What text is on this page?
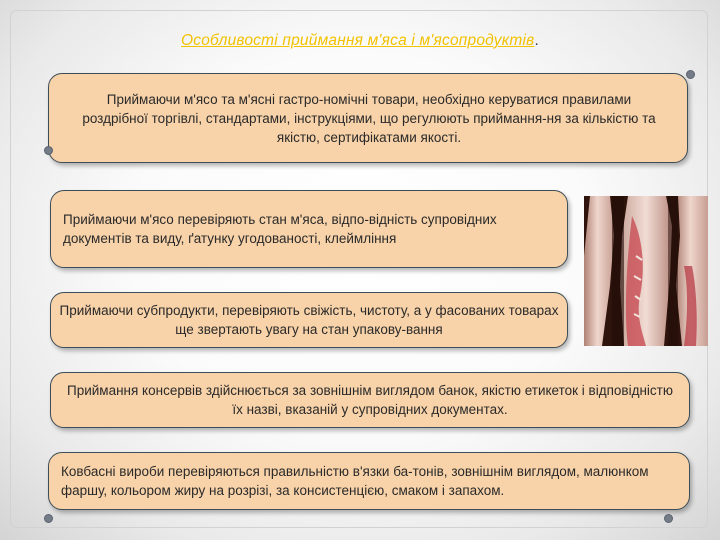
Особливості приймання м'яса і м'ясопродуктів.
Приймаючи м'ясо та м'ясні гастро-номічні товари, необхідно керуватися правилами роздрібної торгівлі, стандартами, інструкціями, що регулюють приймання-ня за кількістю та якістю, сертифікатами якості.
Приймаючи м'ясо перевіряють стан м'яса, відпо-відність супровідних документів та виду, ґатунку угодованості, клеймління
Приймаючи субпродукти, перевіряють свіжість, чистоту, а у фасованих товарах ще звертають увагу на стан упакову-вання
Приймання консервів здійснюється за зовнішнім виглядом банок, якістю етикеток і відповідністю їх назві, вказаній у супровідних документах.
Ковбасні вироби перевіряються правильністю в'язки ба-тонів, зовнішнім виглядом, малюнком фаршу, кольором жиру на розрізі, за консистенцією, смаком і запахом.
